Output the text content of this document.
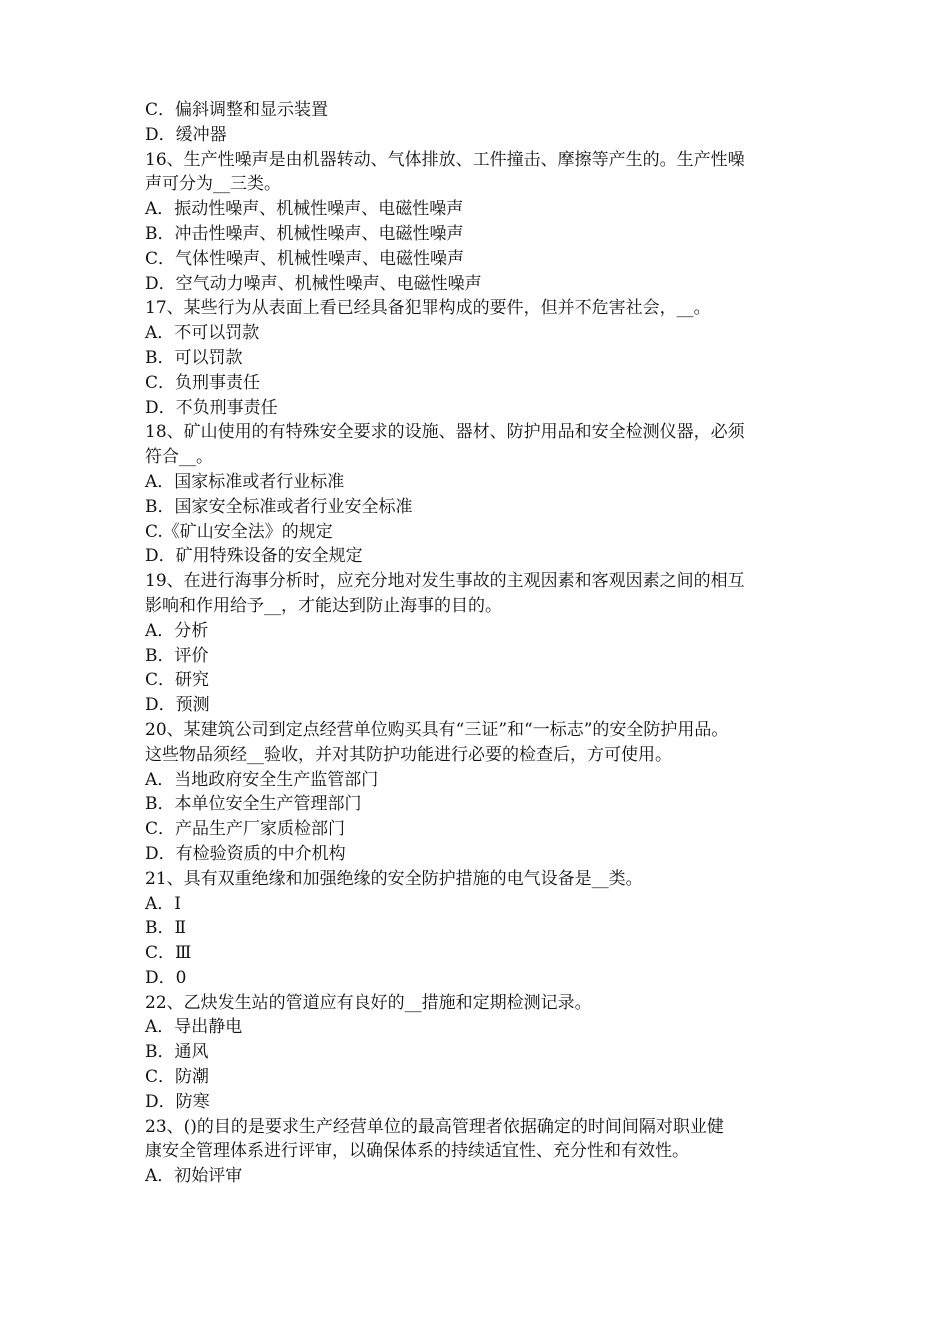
C．偏斜调整和显示装置
D．缓冲器
16、生产性噪声是由机器转动、气体排放、工件撞击、摩擦等产生的。生产性噪
声可分为__三类。
A．振动性噪声、机械性噪声、电磁性噪声
B．冲击性噪声、机械性噪声、电磁性噪声
C．气体性噪声、机械性噪声、电磁性噪声
D．空气动力噪声、机械性噪声、电磁性噪声
17、某些行为从表面上看已经具备犯罪构成的要件，但并不危害社会，__。
A．不可以罚款
B．可以罚款
C．负刑事责任
D．不负刑事责任
18、矿山使用的有特殊安全要求的设施、器材、防护用品和安全检测仪器，必须
符合__。
A．国家标准或者行业标准
B．国家安全标准或者行业安全标准
C.《矿山安全法》的规定
D．矿用特殊设备的安全规定
19、在进行海事分析时，应充分地对发生事故的主观因素和客观因素之间的相互
影响和作用给予__，才能达到防止海事的目的。
A．分析
B．评价
C．研究
D．预测
20、某建筑公司到定点经营单位购买具有“三证”和“一标志”的安全防护用品。
这些物品须经__验收，并对其防护功能进行必要的检查后，方可使用。
A．当地政府安全生产监管部门
B．本单位安全生产管理部门
C．产品生产厂家质检部门
D．有检验资质的中介机构
21、具有双重绝缘和加强绝缘的安全防护措施的电气设备是__类。
A．Ⅰ
B．Ⅱ
C．Ⅲ
D．0
22、乙炔发生站的管道应有良好的__措施和定期检测记录。
A．导出静电
B．通风
C．防潮
D．防寒
23、()的目的是要求生产经营单位的最高管理者依据确定的时间间隔对职业健
康安全管理体系进行评审，以确保体系的持续适宜性、充分性和有效性。
A．初始评审
